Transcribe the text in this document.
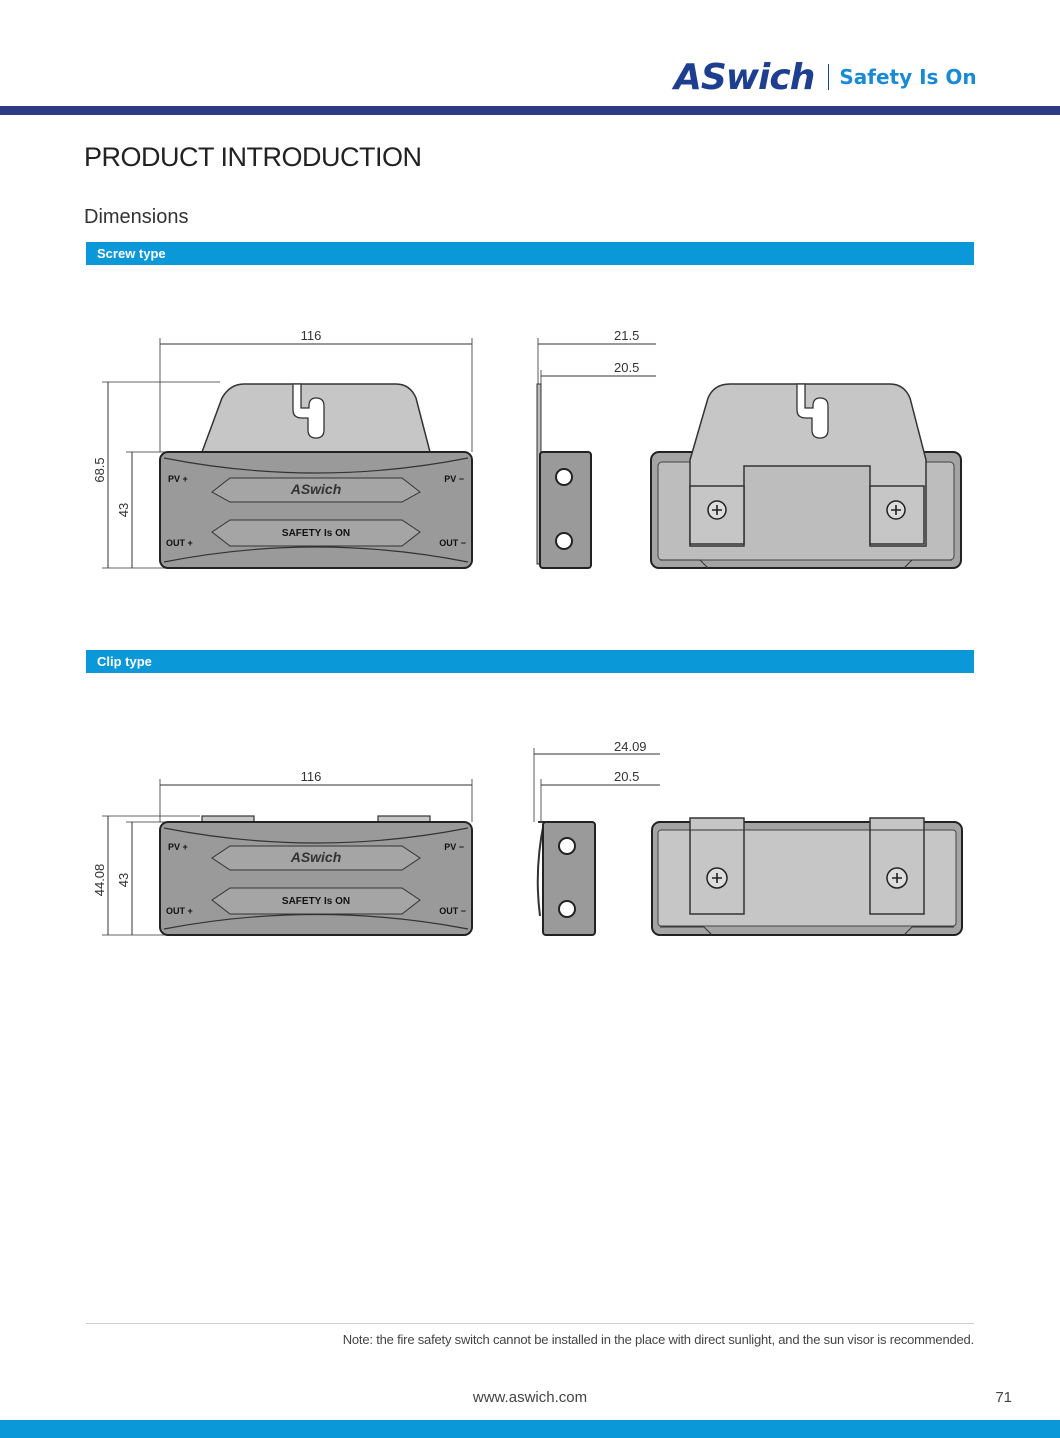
ASwich Safety Is On
PRODUCT INTRODUCTION
Dimensions
Screw type
116
68.5
43
PV +	PV −
OUT +	OUT −
ASwich
SAFETY Is ON
21.5
20.5
Clip type
116
44.08 43
PV +	PV −
OUT +	OUT −
ASwich
SAFETY Is ON
24.09
20.5
Note: the fire safety switch cannot be installed in the place with direct sunlight, and the sun visor is recommended.
www.aswich.com	71
